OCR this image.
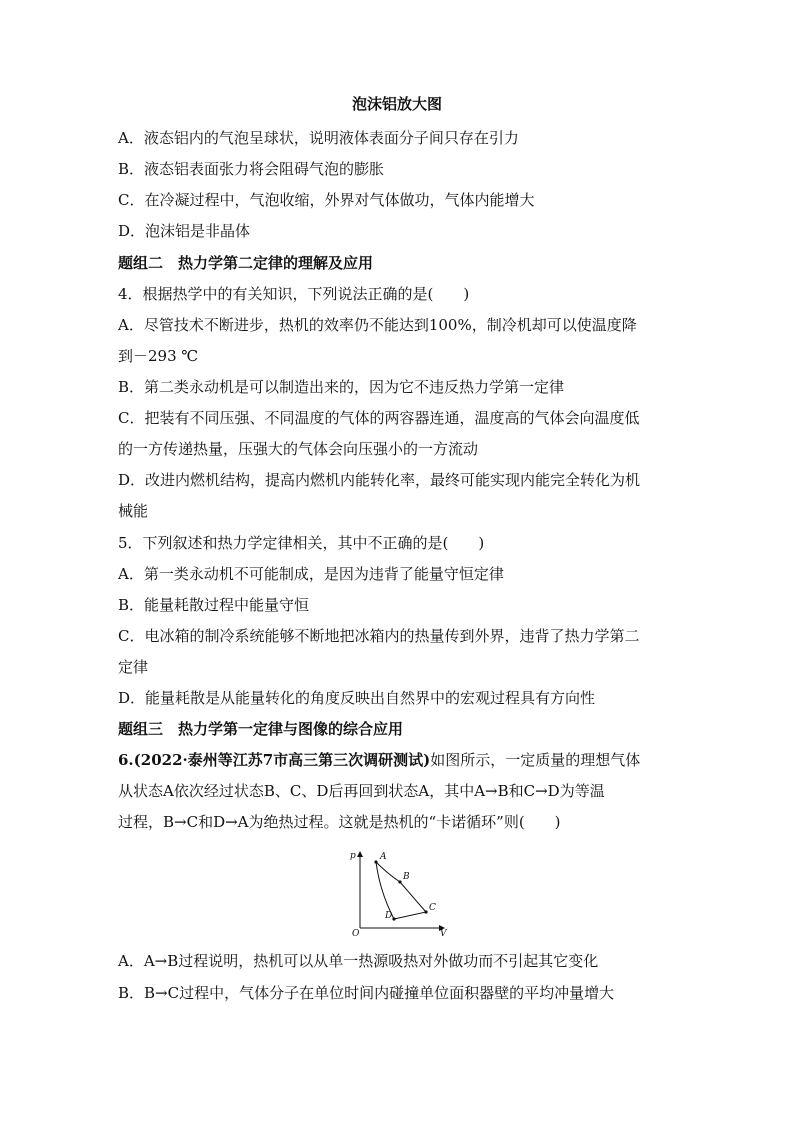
泡沫铝放大图
A．液态铝内的气泡呈球状，说明液体表面分子间只存在引力
B．液态铝表面张力将会阻碍气泡的膨胀
C．在冷凝过程中，气泡收缩，外界对气体做功，气体内能增大
D．泡沫铝是非晶体
题组二　热力学第二定律的理解及应用
4．根据热学中的有关知识，下列说法正确的是(　　)
A．尽管技术不断进步，热机的效率仍不能达到100%，制冷机却可以使温度降
到－293 ℃
B．第二类永动机是可以制造出来的，因为它不违反热力学第一定律
C．把装有不同压强、不同温度的气体的两容器连通，温度高的气体会向温度低
的一方传递热量，压强大的气体会向压强小的一方流动
D．改进内燃机结构，提高内燃机内能转化率，最终可能实现内能完全转化为机
械能
5．下列叙述和热力学定律相关，其中不正确的是(　　)
A．第一类永动机不可能制成，是因为违背了能量守恒定律
B．能量耗散过程中能量守恒
C．电冰箱的制冷系统能够不断地把冰箱内的热量传到外界，违背了热力学第二
定律
D．能量耗散是从能量转化的角度反映出自然界中的宏观过程具有方向性
题组三　热力学第一定律与图像的综合应用
6.(2022·泰州等江苏7市高三第三次调研测试)如图所示，一定质量的理想气体
从状态A依次经过状态B、C、D后再回到状态A，其中A→B和C→D为等温
过程，B→C和D→A为绝热过程。这就是热机的“卡诺循环”则(　　)
p
V
O
A
B
C
D
A．A→B过程说明，热机可以从单一热源吸热对外做功而不引起其它变化
B．B→C过程中，气体分子在单位时间内碰撞单位面积器壁的平均冲量增大
